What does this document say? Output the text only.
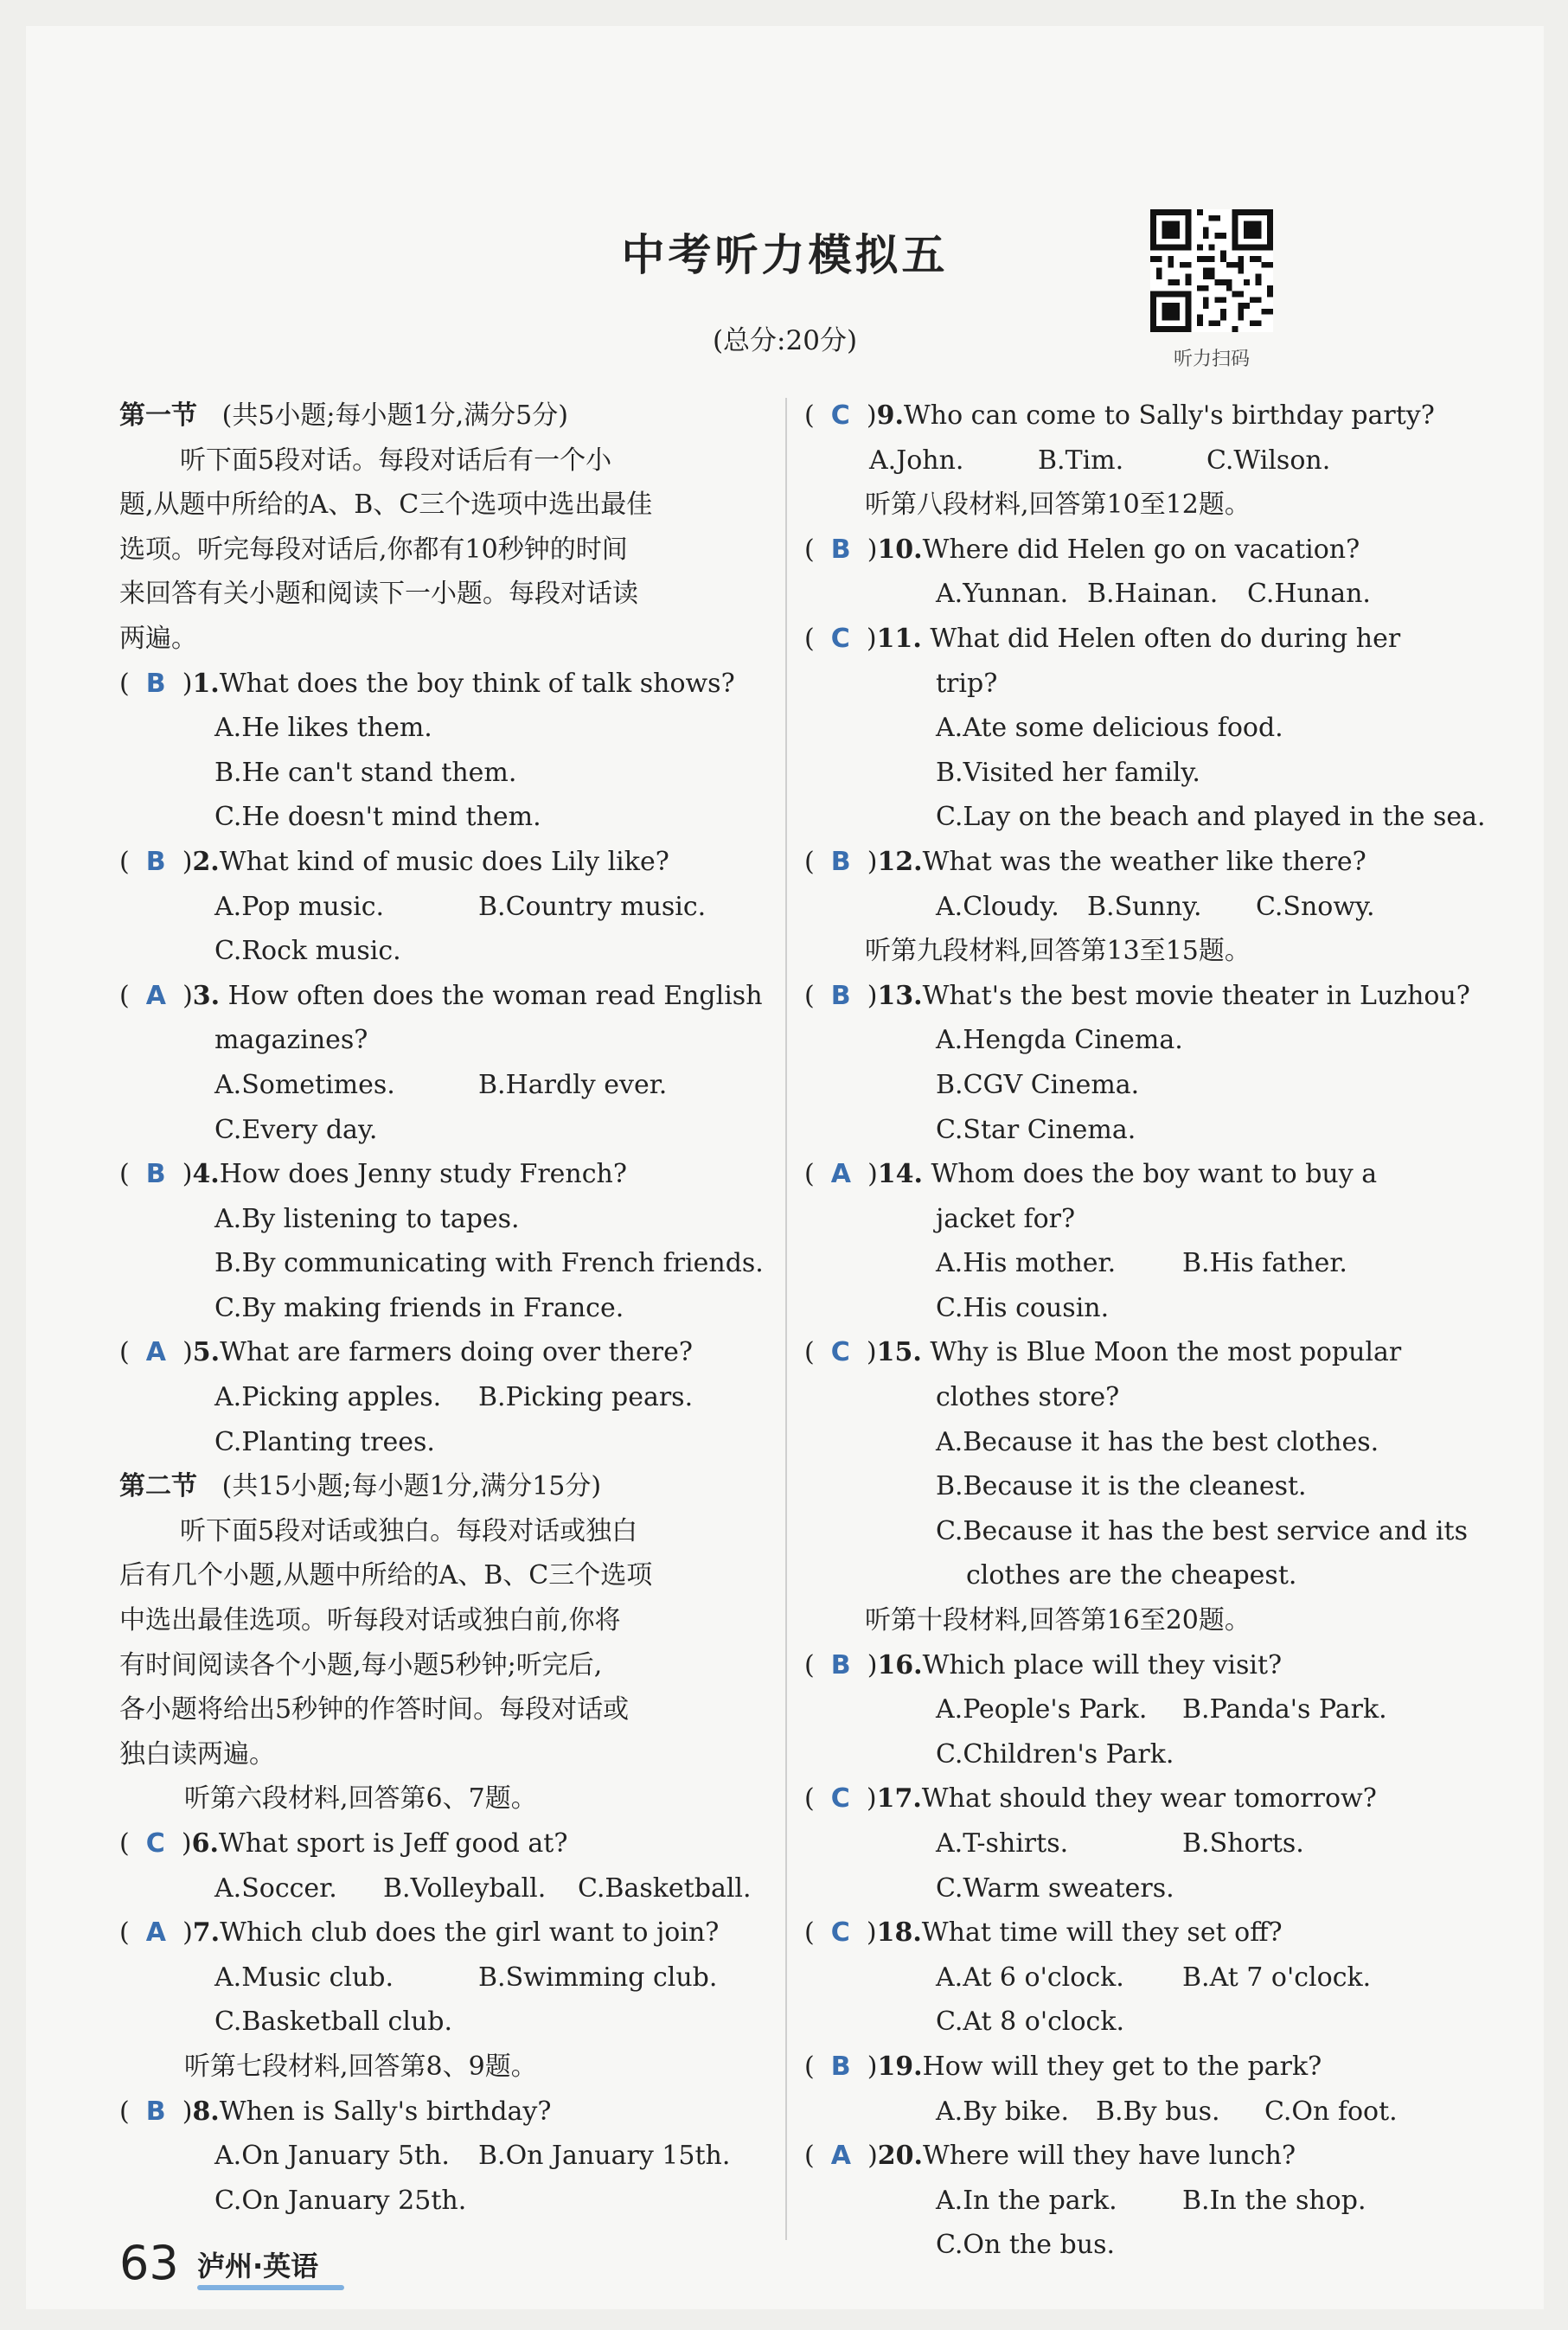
中考听力模拟五
(总分:20分)
听力扫码
第一节 (共5小题;每小题1分,满分5分)
听下面5段对话。每段对话后有一个小
题,从题中所给的A、B、C三个选项中选出最佳
选项。听完每段对话后,你都有10秒钟的时间
来回答有关小题和阅读下一小题。每段对话读
两遍。
(  B  )1.What does the boy think of talk shows?
A.He likes them.
B.He can't stand them.
C.He doesn't mind them.
(  B  )2.What kind of music does Lily like?
A.Pop music.	B.Country music.
C.Rock music.
(  A  )3. How often does the woman read English
magazines?
A.Sometimes.	B.Hardly ever.
C.Every day.
(  B  )4.How does Jenny study French?
A.By listening to tapes.
B.By communicating with French friends.
C.By making friends in France.
(  A  )5.What are farmers doing over there?
A.Picking apples. B.Picking pears.
C.Planting trees.
第二节 (共15小题;每小题1分,满分15分)
听下面5段对话或独白。每段对话或独白
后有几个小题,从题中所给的A、B、C三个选项
中选出最佳选项。听每段对话或独白前,你将
有时间阅读各个小题,每小题5秒钟;听完后,
各小题将给出5秒钟的作答时间。每段对话或
独白读两遍。
听第六段材料,回答第6、7题。
(  C  )6.What sport is Jeff good at?
A.Soccer. B.Volleyball. C.Basketball.
(  A  )7.Which club does the girl want to join?
A.Music club.	B.Swimming club.
C.Basketball club.
听第七段材料,回答第8、9题。
(  B  )8.When is Sally's birthday?
A.On January 5th. B.On January 15th.
C.On January 25th.
(  C  )9.Who can come to Sally's birthday party?
A.John.	B.Tim.	C.Wilson.
听第八段材料,回答第10至12题。
(  B  )10.Where did Helen go on vacation?
A.Yunnan. B.Hainan. C.Hunan.
(  C  )11. What did Helen often do during her
trip?
A.Ate some delicious food.
B.Visited her family.
C.Lay on the beach and played in the sea.
(  B  )12.What was the weather like there?
A.Cloudy. B.Sunny. C.Snowy.
听第九段材料,回答第13至15题。
(  B  )13.What's the best movie theater in Luzhou?
A.Hengda Cinema.
B.CGV Cinema.
C.Star Cinema.
(  A  )14. Whom does the boy want to buy a
jacket for?
A.His mother.	B.His father.
C.His cousin.
(  C  )15. Why is Blue Moon the most popular
clothes store?
A.Because it has the best clothes.
B.Because it is the cleanest.
C.Because it has the best service and its
clothes are the cheapest.
听第十段材料,回答第16至20题。
(  B  )16.Which place will they visit?
A.People's Park. B.Panda's Park.
C.Children's Park.
(  C  )17.What should they wear tomorrow?
A.T-shirts.	B.Shorts.
C.Warm sweaters.
(  C  )18.What time will they set off?
A.At 6 o'clock. B.At 7 o'clock.
C.At 8 o'clock.
(  B  )19.How will they get to the park?
A.By bike. B.By bus. C.On foot.
(  A  )20.Where will they have lunch?
A.In the park.	B.In the shop.
C.On the bus.
63 泸州·英语
